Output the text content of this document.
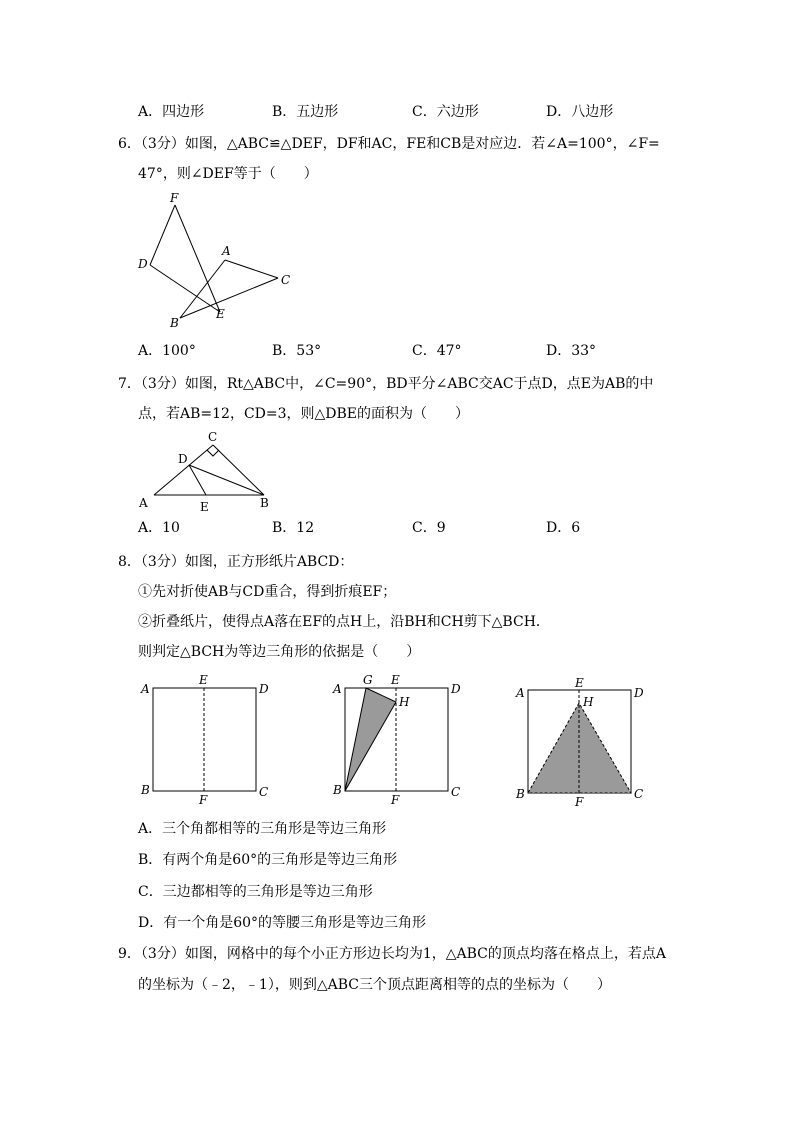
A．四边形	B．五边形	C．六边形	D．八边形
6．（3分）如图，△ABC≌△DEF，DF和AC，FE和CB是对应边．若∠A=100°，∠F=
47°，则∠DEF等于（　　）
F
D
A
C
B
E
A．100°	B．53°	C．47°	D．33°
7．（3分）如图，Rt△ABC中，∠C=90°，BD平分∠ABC交AC于点D，点E为AB的中
点，若AB=12，CD=3，则△DBE的面积为（　　）
C
D
A	E	B
A．10	B．12	C．9	D．6
8．（3分）如图，正方形纸片ABCD：
①先对折使AB与CD重合，得到折痕EF；
②折叠纸片，使得点A落在EF的点H上，沿BH和CH剪下△BCH．
则判定△BCH为等边三角形的依据是（　　）
A
E
D
B
F
C
A
G E
D
H
B
F
C
A
E
H
D
B
F
C
A．三个角都相等的三角形是等边三角形
B．有两个角是60°的三角形是等边三角形
C．三边都相等的三角形是等边三角形
D．有一个角是60°的等腰三角形是等边三角形
9．（3分）如图，网格中的每个小正方形边长均为1，△ABC的顶点均落在格点上，若点A
的坐标为（﹣2，﹣1），则到△ABC三个顶点距离相等的点的坐标为（　　）
